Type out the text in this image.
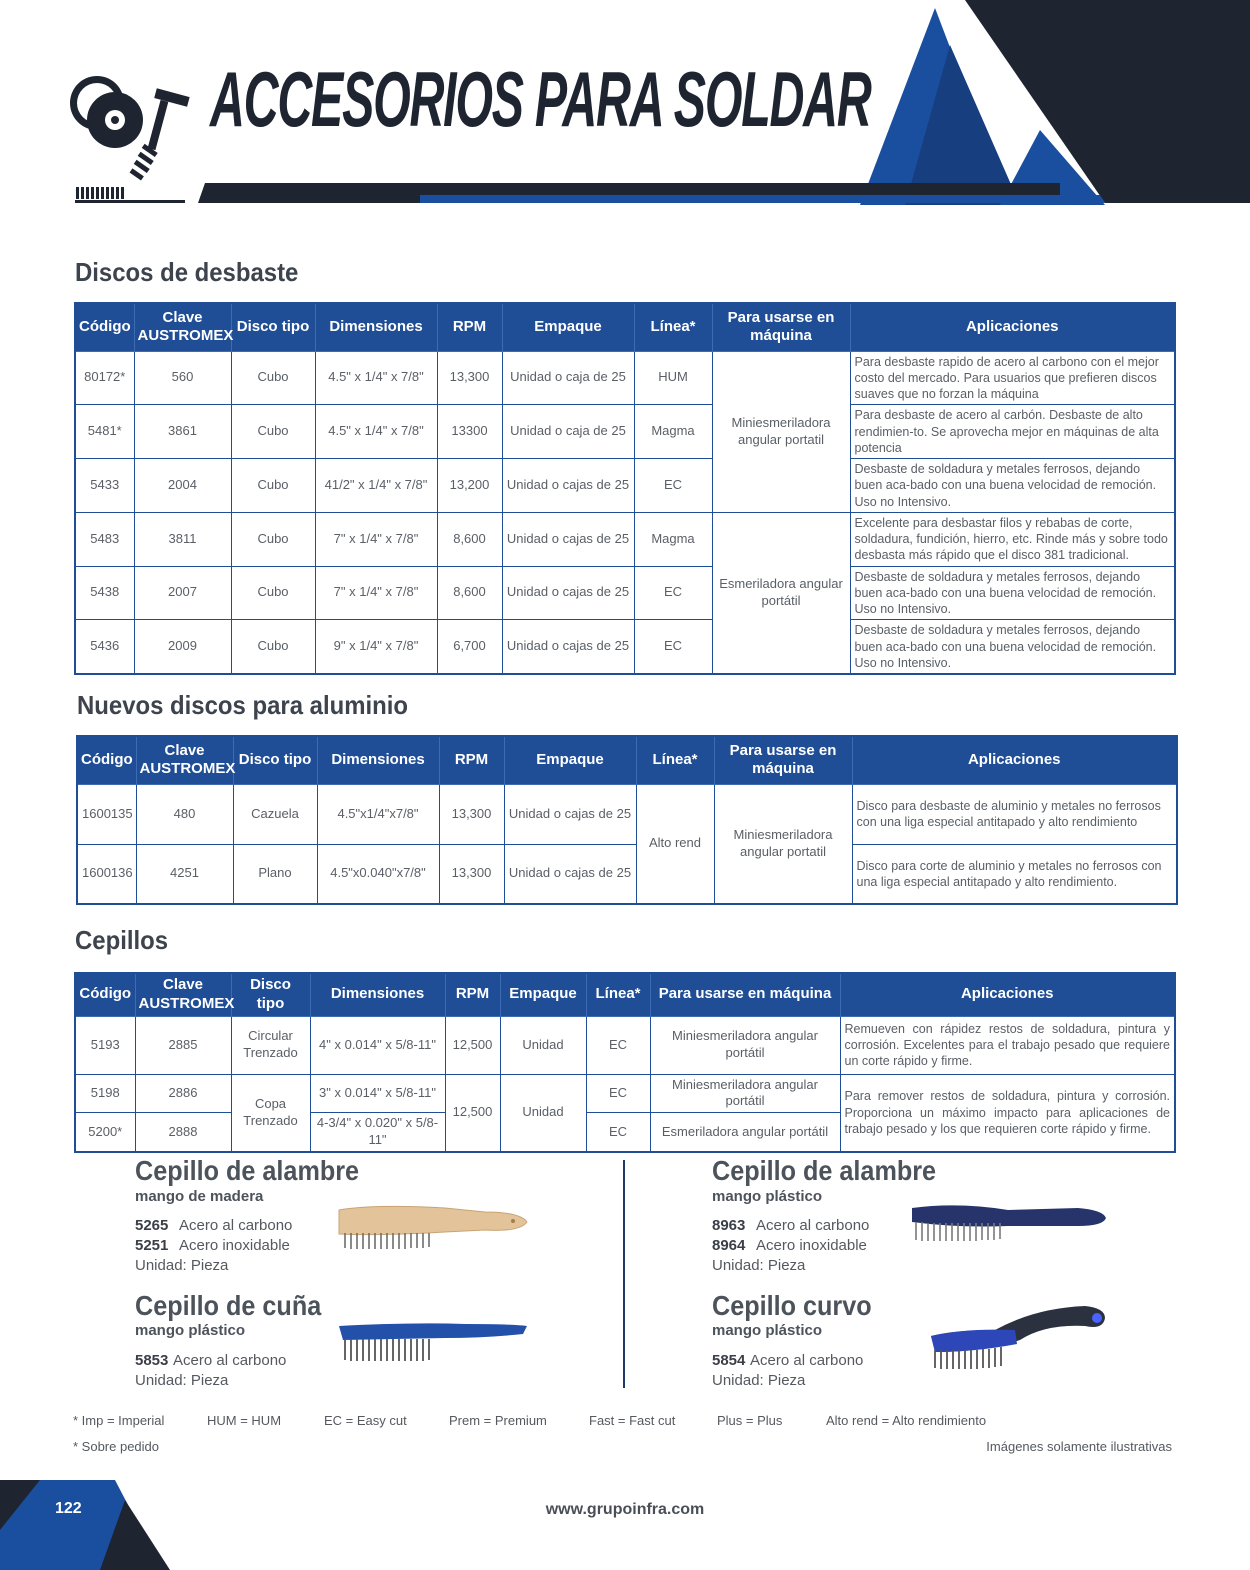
ACCESORIOS PARA SOLDAR
Discos de desbaste
Código	Clave AUSTROMEX	Disco tipo	Dimensiones	RPM	Empaque	Línea*	Para usarse en máquina	Aplicaciones
80172*	560	Cubo	4.5" x 1/4" x 7/8"	13,300	Unidad o caja de 25	HUM	Miniesmeriladora angular portatil	Para desbaste rapido de acero al carbono con el mejor costo del mercado. Para usuarios que prefieren discos suaves que no forzan la máquina
5481*	3861	Cubo	4.5" x 1/4" x 7/8"	13300	Unidad o caja de 25	Magma		Para desbaste de acero al carbón. Desbaste de alto rendimien-to. Se aprovecha mejor en máquinas de alta potencia
5433	2004	Cubo	41/2" x 1/4" x 7/8"	13,200	Unidad o cajas de 25	EC		Desbaste de soldadura y metales ferrosos, dejando buen aca-bado con una buena velocidad de remoción. Uso no Intensivo.
5483	3811	Cubo	7" x 1/4" x 7/8"	8,600	Unidad o cajas de 25	Magma	Esmeriladora angular portátil	Excelente para desbastar filos y rebabas de corte, soldadura, fundición, hierro, etc. Rinde más y sobre todo desbasta más rápido que el disco 381 tradicional.
5438	2007	Cubo	7" x 1/4" x 7/8"	8,600	Unidad o cajas de 25	EC		Desbaste de soldadura y metales ferrosos, dejando buen aca-bado con una buena velocidad de remoción. Uso no Intensivo.
5436	2009	Cubo	9" x 1/4" x 7/8"	6,700	Unidad o cajas de 25	EC		Desbaste de soldadura y metales ferrosos, dejando buen aca-bado con una buena velocidad de remoción. Uso no Intensivo.
Nuevos discos para aluminio
Código	Clave AUSTROMEX	Disco tipo	Dimensiones	RPM	Empaque	Línea*	Para usarse en máquina	Aplicaciones
1600135	480	Cazuela	4.5"x1/4"x7/8"	13,300	Unidad o cajas de 25	Alto rend	Miniesmeriladora angular portatil	Disco para desbaste de aluminio y metales no ferrosos con una liga especial antitapado y alto rendimiento
1600136	4251	Plano	4.5"x0.040"x7/8"	13,300	Unidad o cajas de 25			Disco para corte de aluminio y metales no ferrosos con una liga especial antitapado y alto rendimiento.
Cepillos
Código	Clave AUSTROMEX	Disco tipo	Dimensiones	RPM	Empaque	Línea*	Para usarse en máquina	Aplicaciones
5193	2885	Circular Trenzado	4" x 0.014" x 5/8-11"	12,500	Unidad	EC	Miniesmeriladora angular portátil	Remueven con rápidez restos de soldadura, pintura y corrosión. Excelentes para el trabajo pesado que requiere un corte rápido y firme.
5198	2886	Copa Trenzado	3" x 0.014" x 5/8-11"	12,500	Unidad	EC	Miniesmeriladora angular portátil	Para remover restos de soldadura, pintura y corrosión. Proporciona un máximo impacto para aplicaciones de trabajo pesado y los que requieren corte rápido y firme.
5200*	2888		4-3/4" x 0.020" x 5/8-11"			EC	Esmeriladora angular portátil	
Cepillo de alambre
mango de madera
5265 Acero al carbono
5251 Acero inoxidable
Unidad: Pieza
Cepillo de alambre
mango plástico
8963 Acero al carbono
8964 Acero inoxidable
Unidad: Pieza
Cepillo de cuña
mango plástico
5853 Acero al carbono
Unidad: Pieza
Cepillo curvo
mango plástico
5854 Acero al carbono
Unidad: Pieza
* Imp = Imperial	HUM = HUM	EC = Easy cut	Prem = Premium	Fast = Fast cut	Plus = Plus	Alto rend = Alto rendimiento
* Sobre pedido	Imágenes solamente ilustrativas
122	www.grupoinfra.com
